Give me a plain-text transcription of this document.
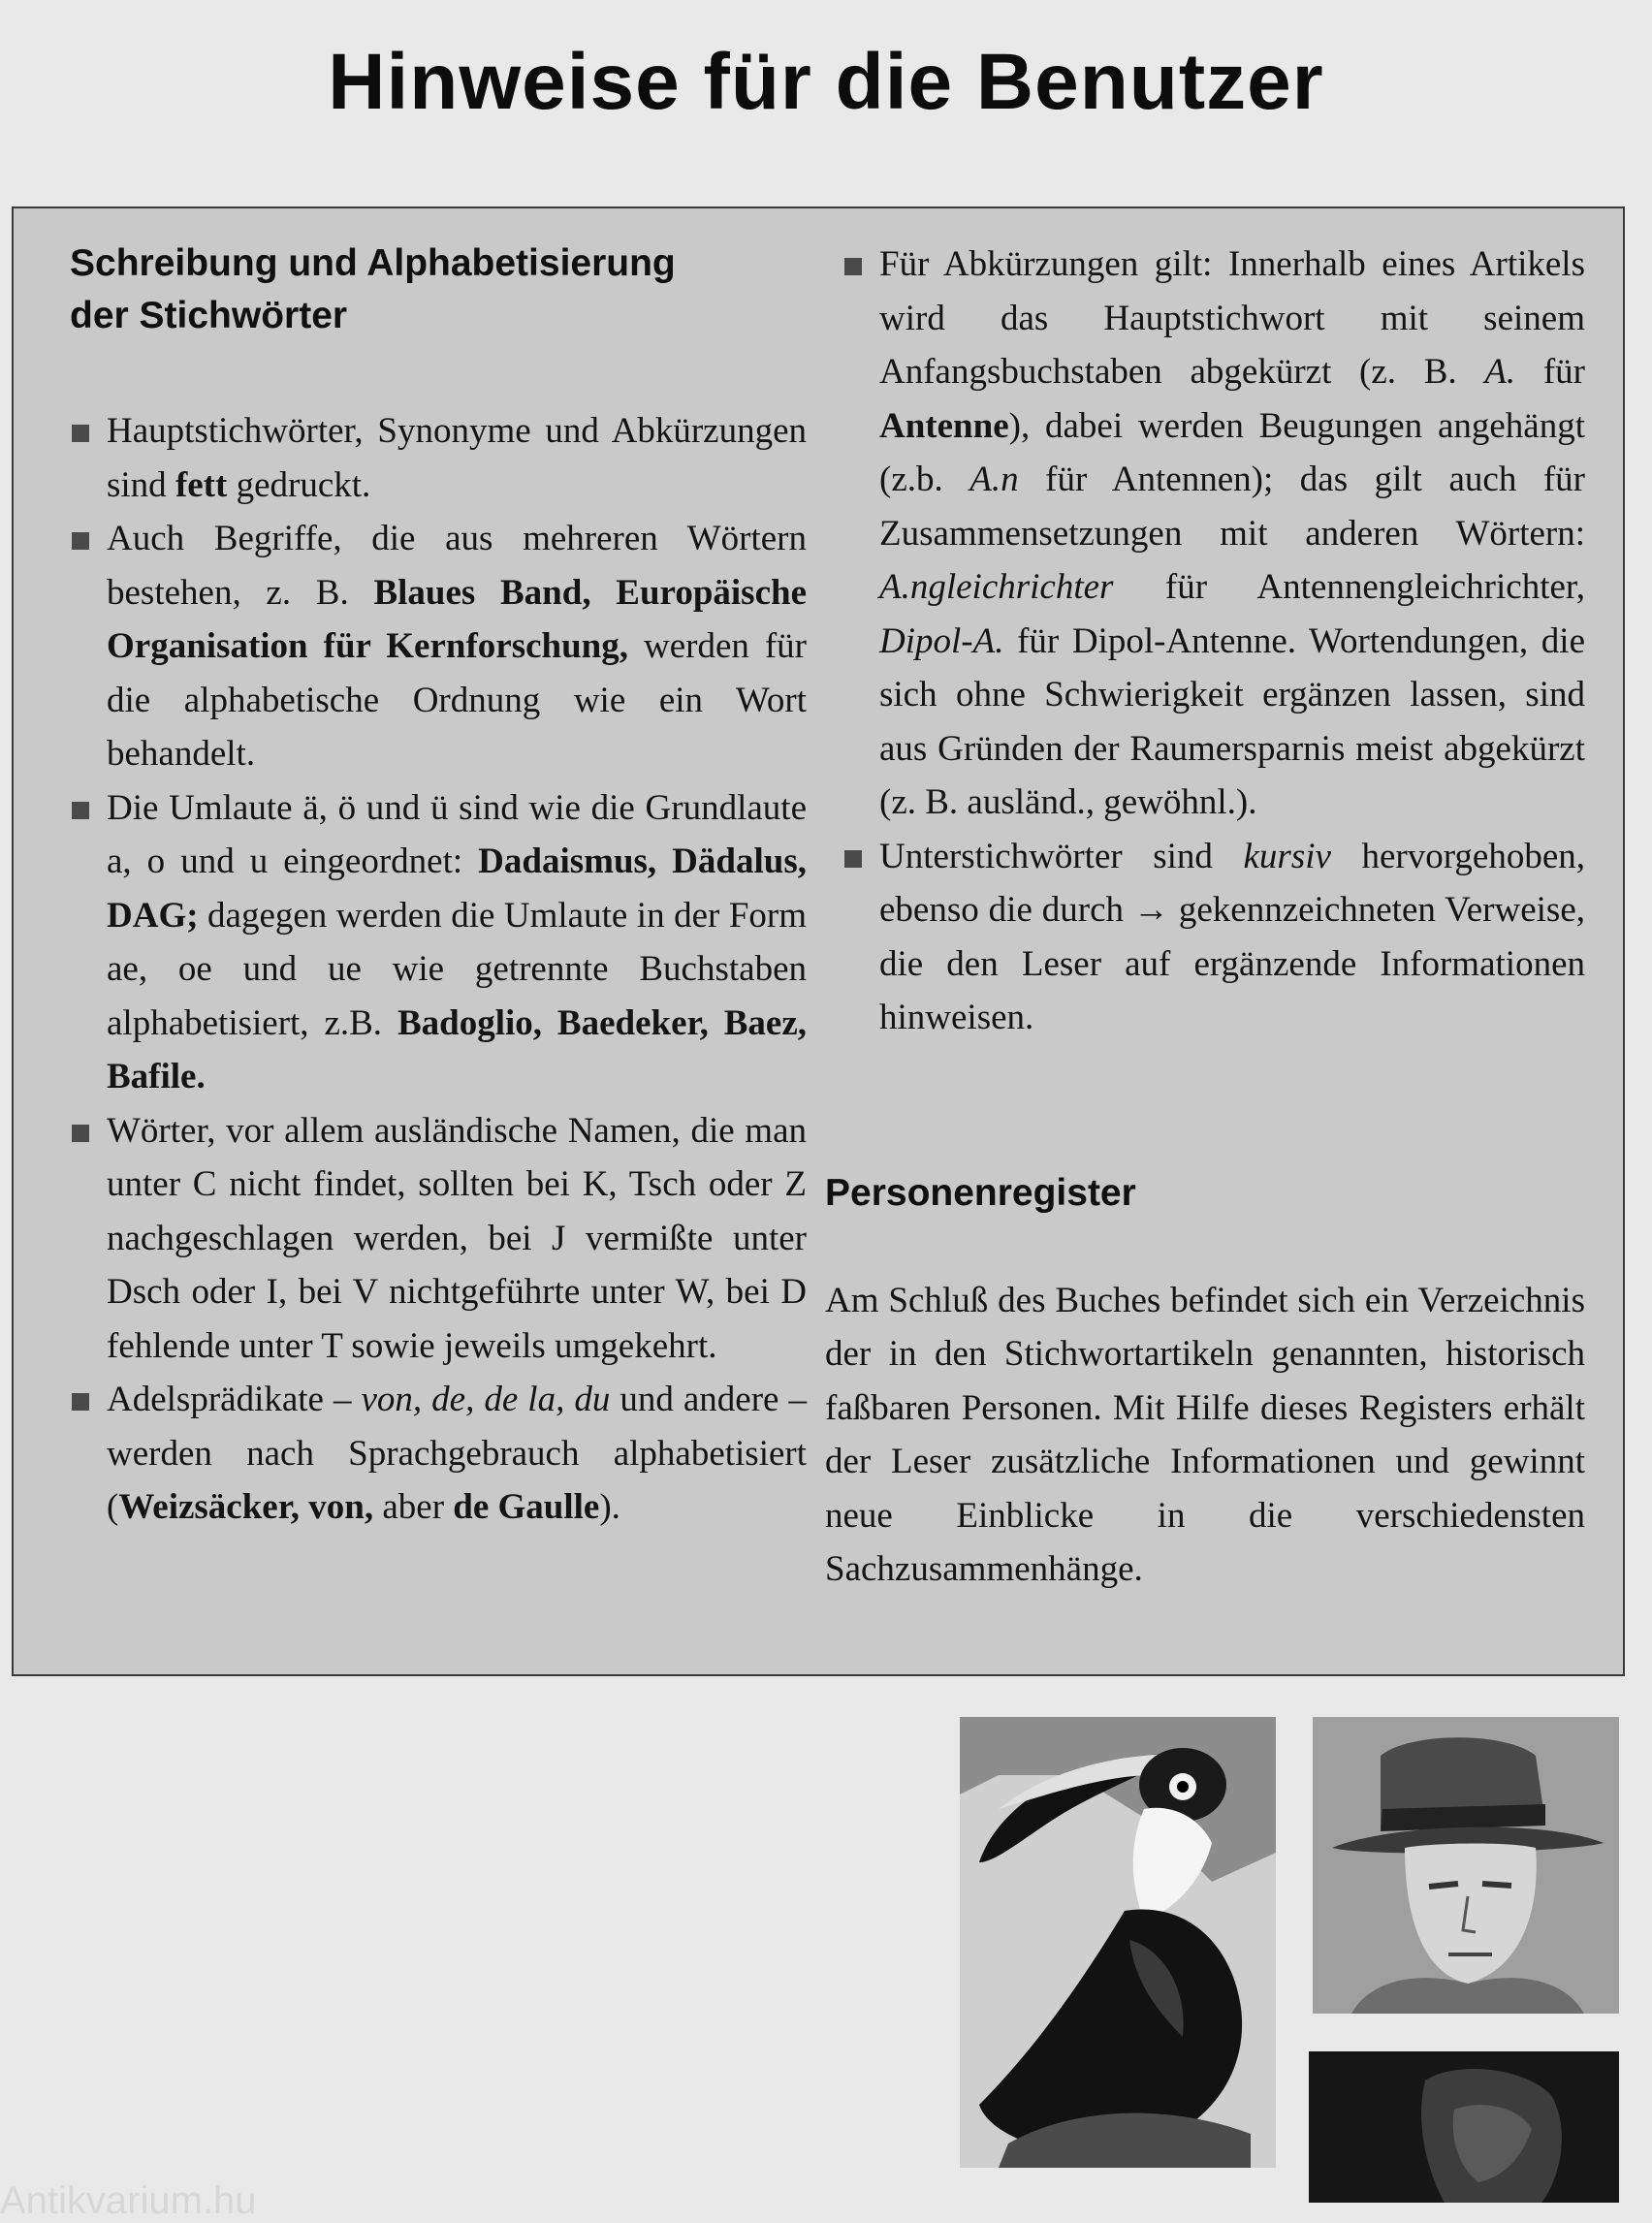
Hinweise für die Benutzer
Schreibung und Alphabetisierung
der Stichwörter
Hauptstichwörter, Synonyme und Abkürzungen sind fett gedruckt.
Auch Begriffe, die aus mehreren Wörtern bestehen, z. B. Blaues Band, Europäische Organisation für Kernforschung, werden für die alphabetische Ordnung wie ein Wort behandelt.
Die Umlaute ä, ö und ü sind wie die Grundlaute a, o und u eingeordnet: Dadaismus, Dädalus, DAG; dagegen werden die Umlaute in der Form ae, oe und ue wie getrennte Buchstaben alphabetisiert, z.B. Badoglio, Baedeker, Baez, Bafile.
Wörter, vor allem ausländische Namen, die man unter C nicht findet, sollten bei K, Tsch oder Z nachgeschlagen werden, bei J vermißte unter Dsch oder I, bei V nichtgeführte unter W, bei D fehlende unter T sowie jeweils umgekehrt.
Adelsprädikate – von, de, de la, du und andere – werden nach Sprachgebrauch alphabetisiert (Weizsäcker, von, aber de Gaulle).
Für Abkürzungen gilt: Innerhalb eines Artikels wird das Hauptstichwort mit seinem Anfangsbuchstaben abgekürzt (z. B. A. für Antenne), dabei werden Beugungen angehängt (z.b. A.n für Antennen); das gilt auch für Zusammensetzungen mit anderen Wörtern: A.ngleichrichter für Antennengleichrichter, Dipol-A. für Dipol-Antenne. Wortendungen, die sich ohne Schwierigkeit ergänzen lassen, sind aus Gründen der Raumersparnis meist abgekürzt (z. B. ausländ., gewöhnl.).
Unterstichwörter sind kursiv hervorgehoben, ebenso die durch → gekennzeichneten Verweise, die den Leser auf ergänzende Informationen hinweisen.
Personenregister

Am Schluß des Buches befindet sich ein Verzeichnis der in den Stichwortartikeln genannten, historisch faßbaren Personen. Mit Hilfe dieses Registers erhält der Leser zusätzliche Informationen und gewinnt neue Einblicke in die verschiedensten Sachzusammenhänge.

Antikvarium.hu
